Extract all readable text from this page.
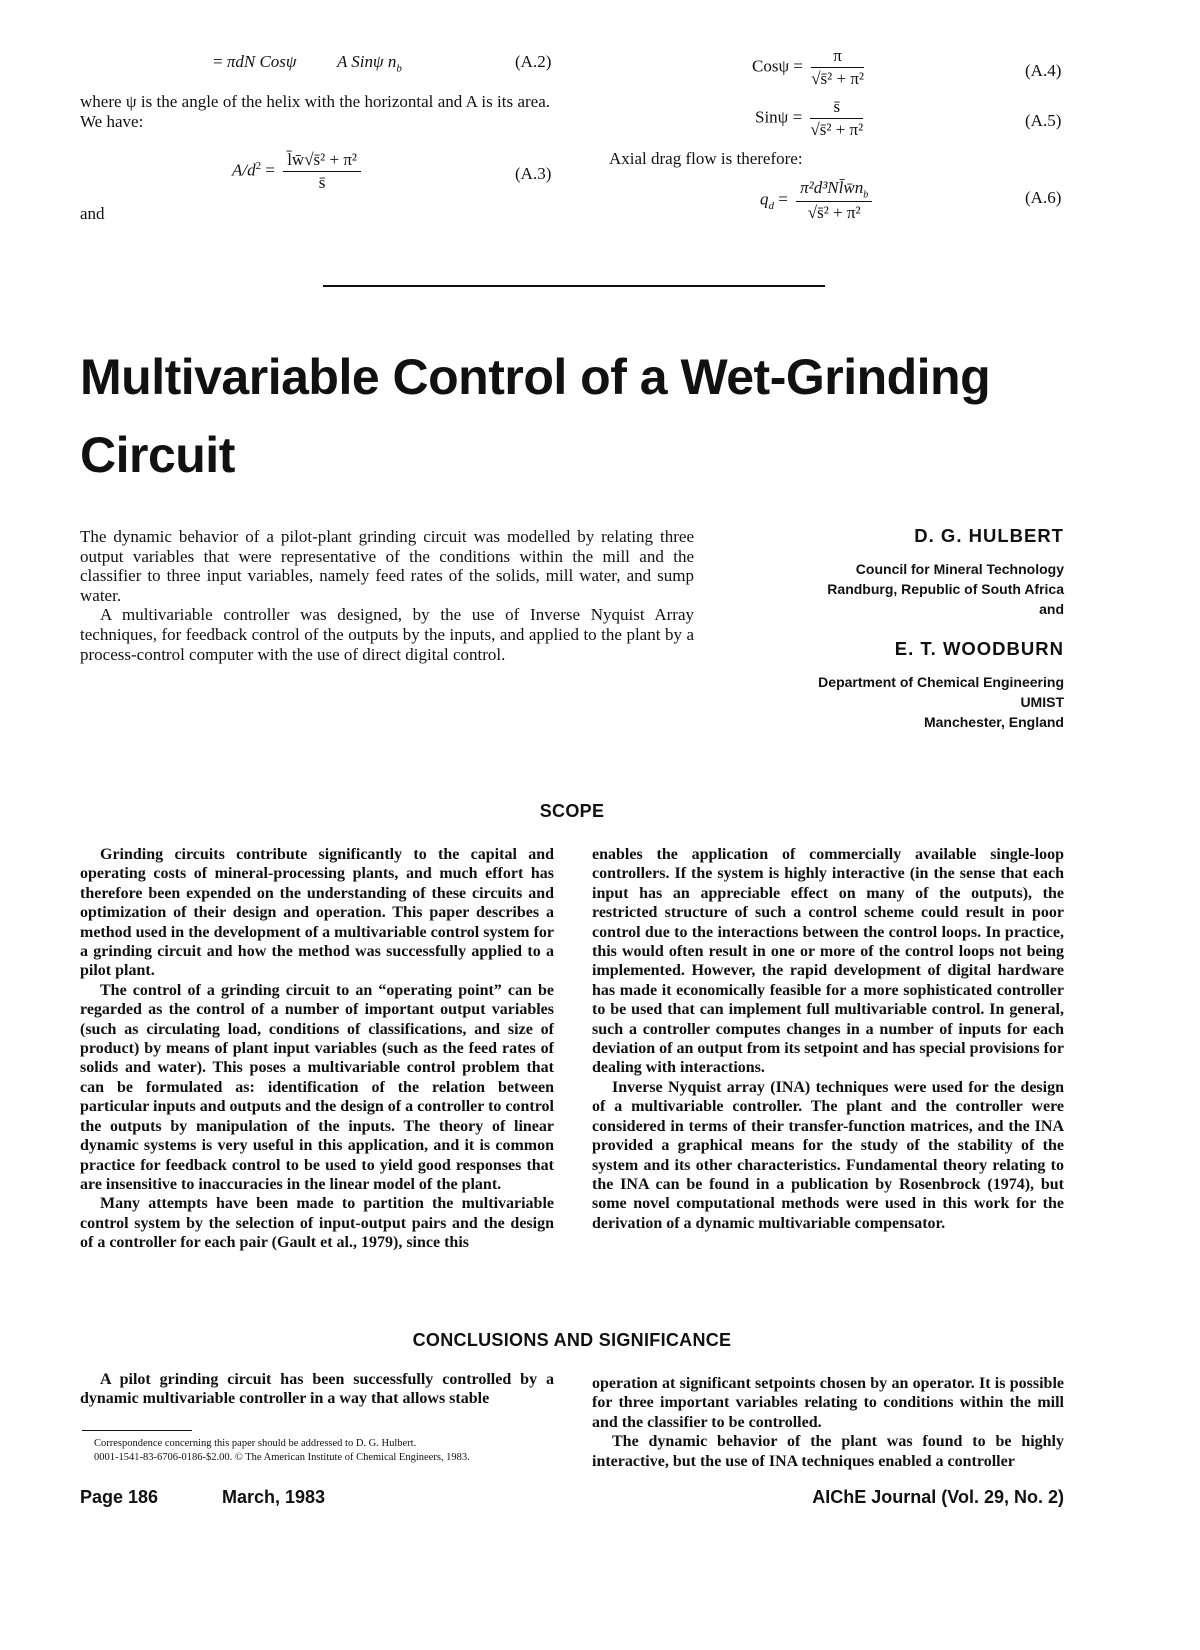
= πdN Cosψ A Sinψ $n_b$	(A.2)
where ψ is the angle of the helix with the horizontal and A is its area. We have:
$A/d^2 = \frac{\text{l̄w̄√s̄² + π²}}{s̄}$	(A.3)
and
$Cos\psi = \frac{\pi}{\text{√s̄² + π²}}$	(A.4)
$Sin\psi = \frac{s̄}{\text{√s̄² + π²}}$	(A.5)
Axial drag flow is therefore:
$q_d = \frac{\pi^2d^3Nl̄w̄n_b}{\text{√s̄² + π²}}$	(A.6)
Multivariable Control of a Wet-Grinding
Circuit

The dynamic behavior of a pilot-plant grinding circuit was modelled by relating three output variables that were representative of the conditions within the mill and the classifier to three input variables, namely feed rates of the solids, mill water, and sump water.

A multivariable controller was designed, by the use of Inverse Nyquist Array techniques, for feedback control of the outputs by the inputs, and applied to the plant by a process-control computer with the use of direct digital control.

D. G. HULBERT
Council for Mineral Technology
Randburg, Republic of South Africa
and
E. T. WOODBURN
Department of Chemical Engineering
UMIST
Manchester, England
SCOPE

Grinding circuits contribute significantly to the capital and operating costs of mineral-processing plants, and much effort has therefore been expended on the understanding of these circuits and optimization of their design and operation. This paper describes a method used in the development of a multivariable control system for a grinding circuit and how the method was successfully applied to a pilot plant.

The control of a grinding circuit to an “operating point” can be regarded as the control of a number of important output variables (such as circulating load, conditions of classifications, and size of product) by means of plant input variables (such as the feed rates of solids and water). This poses a multivariable control problem that can be formulated as: identification of the relation between particular inputs and outputs and the design of a controller to control the outputs by manipulation of the inputs. The theory of linear dynamic systems is very useful in this application, and it is common practice for feedback control to be used to yield good responses that are insensitive to inaccuracies in the linear model of the plant.

Many attempts have been made to partition the multivariable control system by the selection of input-output pairs and the design of a controller for each pair (Gault et al., 1979), since this

enables the application of commercially available single-loop controllers. If the system is highly interactive (in the sense that each input has an appreciable effect on many of the outputs), the restricted structure of such a control scheme could result in poor control due to the interactions between the control loops. In practice, this would often result in one or more of the control loops not being implemented. However, the rapid development of digital hardware has made it economically feasible for a more sophisticated controller to be used that can implement full multivariable control. In general, such a controller computes changes in a number of inputs for each deviation of an output from its setpoint and has special provisions for dealing with interactions.

Inverse Nyquist array (INA) techniques were used for the design of a multivariable controller. The plant and the controller were considered in terms of their transfer-function matrices, and the INA provided a graphical means for the study of the stability of the system and its other characteristics. Fundamental theory relating to the INA can be found in a publication by Rosenbrock (1974), but some novel computational methods were used in this work for the derivation of a dynamic multivariable compensator.

CONCLUSIONS AND SIGNIFICANCE

A pilot grinding circuit has been successfully controlled by a dynamic multivariable controller in a way that allows stable

operation at significant setpoints chosen by an operator. It is possible for three important variables relating to conditions within the mill and the classifier to be controlled.

The dynamic behavior of the plant was found to be highly interactive, but the use of INA techniques enabled a controller

Correspondence concerning this paper should be addressed to D. G. Hulbert.
0001-1541-83-6706-0186-$2.00. © The American Institute of Chemical Engineers, 1983.
Page 186	March, 1983	AIChE Journal (Vol. 29, No. 2)
